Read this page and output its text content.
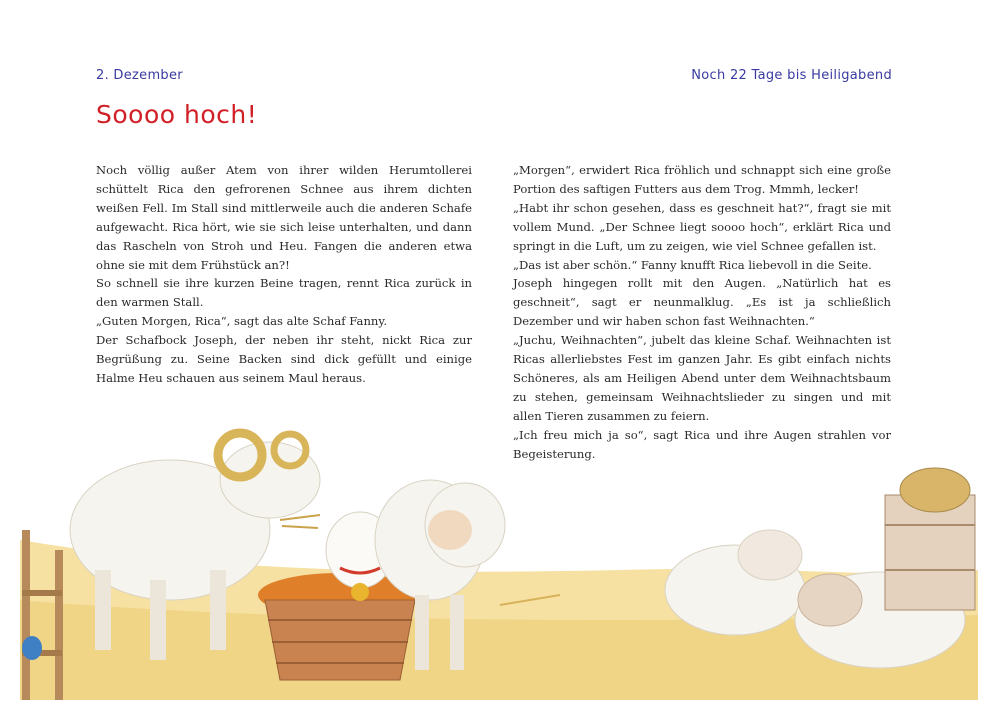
2. Dezember	Noch 22 Tage bis Heiligabend
Soooo hoch!

Noch völlig außer Atem von ihrer wilden Herumtollerei schüttelt Rica den gefrorenen Schnee aus ihrem dichten weißen Fell. Im Stall sind mittlerweile auch die anderen Schafe aufgewacht. Rica hört, wie sie sich leise unterhalten, und dann das Rascheln von Stroh und Heu. Fangen die anderen etwa ohne sie mit dem Frühstück an?!

So schnell sie ihre kurzen Beine tragen, rennt Rica zurück in den warmen Stall.

„Guten Morgen, Rica“, sagt das alte Schaf Fanny.

Der Schafbock Joseph, der neben ihr steht, nickt Rica zur Begrüßung zu. Seine Backen sind dick gefüllt und einige Halme Heu schauen aus seinem Maul heraus.

„Morgen“, erwidert Rica fröhlich und schnappt sich eine große Portion des saftigen Futters aus dem Trog. Mmmh, lecker!

„Habt ihr schon gesehen, dass es geschneit hat?“, fragt sie mit vollem Mund. „Der Schnee liegt soooo hoch“, erklärt Rica und springt in die Luft, um zu zeigen, wie viel Schnee gefallen ist.

„Das ist aber schön.“ Fanny knufft Rica liebevoll in die Seite.

Joseph hingegen rollt mit den Augen. „Natürlich hat es geschneit“, sagt er neunmalklug. „Es ist ja schließlich Dezember und wir haben schon fast Weihnachten.“

„Juchu, Weihnachten“, jubelt das kleine Schaf. Weihnachten ist Ricas allerliebstes Fest im ganzen Jahr. Es gibt einfach nichts Schöneres, als am Heiligen Abend unter dem Weihnachtsbaum zu stehen, gemeinsam Weihnachtslieder zu singen und mit allen Tieren zusammen zu feiern.

„Ich freu mich ja so“, sagt Rica und ihre Augen strahlen vor Begeisterung.
